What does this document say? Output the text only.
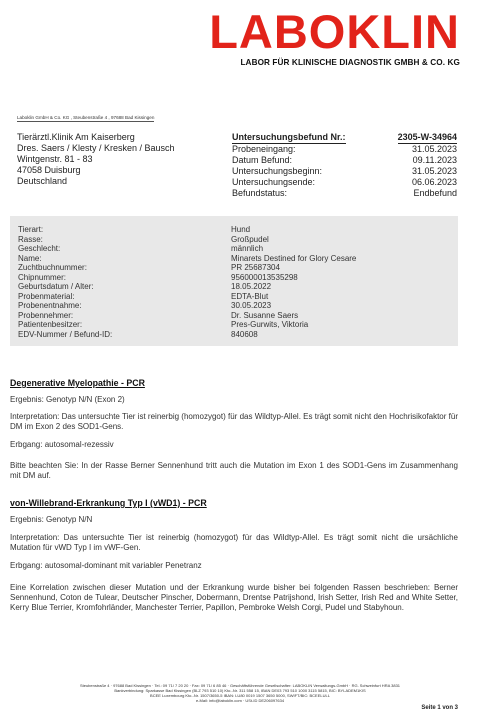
LABOKLIN
LABOR FÜR KLINISCHE DIAGNOSTIK GMBH & CO. KG
Laboklin GmbH & Co. KG , Steubenstraße 4 , 97688 Bad Kissingen
Tierärztl.Klinik Am Kaiserberg
Dres. Saers / Klesty / Kresken / Bausch
Wintgenstr. 81 - 83
47058 Duisburg
Deutschland
Untersuchungsbefund Nr.:	2305-W-34964
Probeneingang:	31.05.2023
Datum Befund:	09.11.2023
Untersuchungsbeginn:	31.05.2023
Untersuchungsende:	06.06.2023
Befundstatus:	Endbefund
Tierart:	Hund
Rasse:	Großpudel
Geschlecht:	männlich
Name:	Minarets Destined for Glory Cesare
Zuchtbuchnummer:	PR 25687304
Chipnummer:	956000013535298
Geburtsdatum / Alter:	18.05.2022
Probenmaterial:	EDTA-Blut
Probenentnahme:	30.05.2023
Probennehmer:	Dr. Susanne Saers
Patientenbesitzer:	Pres-Gurwits, Viktoria
EDV-Nummer / Befund-ID:	840608
Degenerative Myelopathie - PCR
Ergebnis: Genotyp N/N (Exon 2)
Interpretation: Das untersuchte Tier ist reinerbig (homozygot) für das Wildtyp-Allel. Es trägt somit nicht den Hochrisikofaktor für DM im Exon 2 des SOD1-Gens.
Erbgang: autosomal-rezessiv
Bitte beachten Sie: In der Rasse Berner Sennenhund tritt auch die Mutation im Exon 1 des SOD1-Gens im Zusammenhang mit DM auf.
von-Willebrand-Erkrankung Typ I (vWD1) - PCR
Ergebnis: Genotyp N/N
Interpretation: Das untersuchte Tier ist reinerbig (homozygot) für das Wildtyp-Allel. Es trägt somit nicht die ursächliche Mutation für vWD Typ I im vWF-Gen.
Erbgang: autosomal-dominant mit variabler Penetranz
Eine Korrelation zwischen dieser Mutation und der Erkrankung wurde bisher bei folgenden Rassen beschrieben: Berner Sennenhund, Coton de Tulear, Deutscher Pinscher, Dobermann, Drentse Patrijshond, Irish Setter, Irish Red and White Setter, Kerry Blue Terrier, Kromfohrländer, Manchester Terrier, Papillon, Pembroke Welsh Corgi, Pudel und Stabyhoun.
Steubenstraße 4 · 97688 Bad Kissingen · Tel.: 09 71/ 7 20 20 · Fax: 09 71/ 6 85 46 · Geschäftsführende Gesellschafter: LABOKLIN Verwaltungs-GmbH · RG. Schweinfurt HRA 3831
Bankverbindung: Sparkasse Bad Kissingen (BLZ 793 510 10) Kto.-Nr. 311 558 15, IBAN DE03 793 510 1000 3115 5815, BIC: BYLADEM1KIS
BCEE Luxembourg Kto.-Nr. 1507/3650-5 IBAN: LU80 0019 1507 3650 5000, SWIFT/BIC: BCEELULL
e-Mail: info@laboklin.com · USt-ID DE206097634
Seite 1 von 3
